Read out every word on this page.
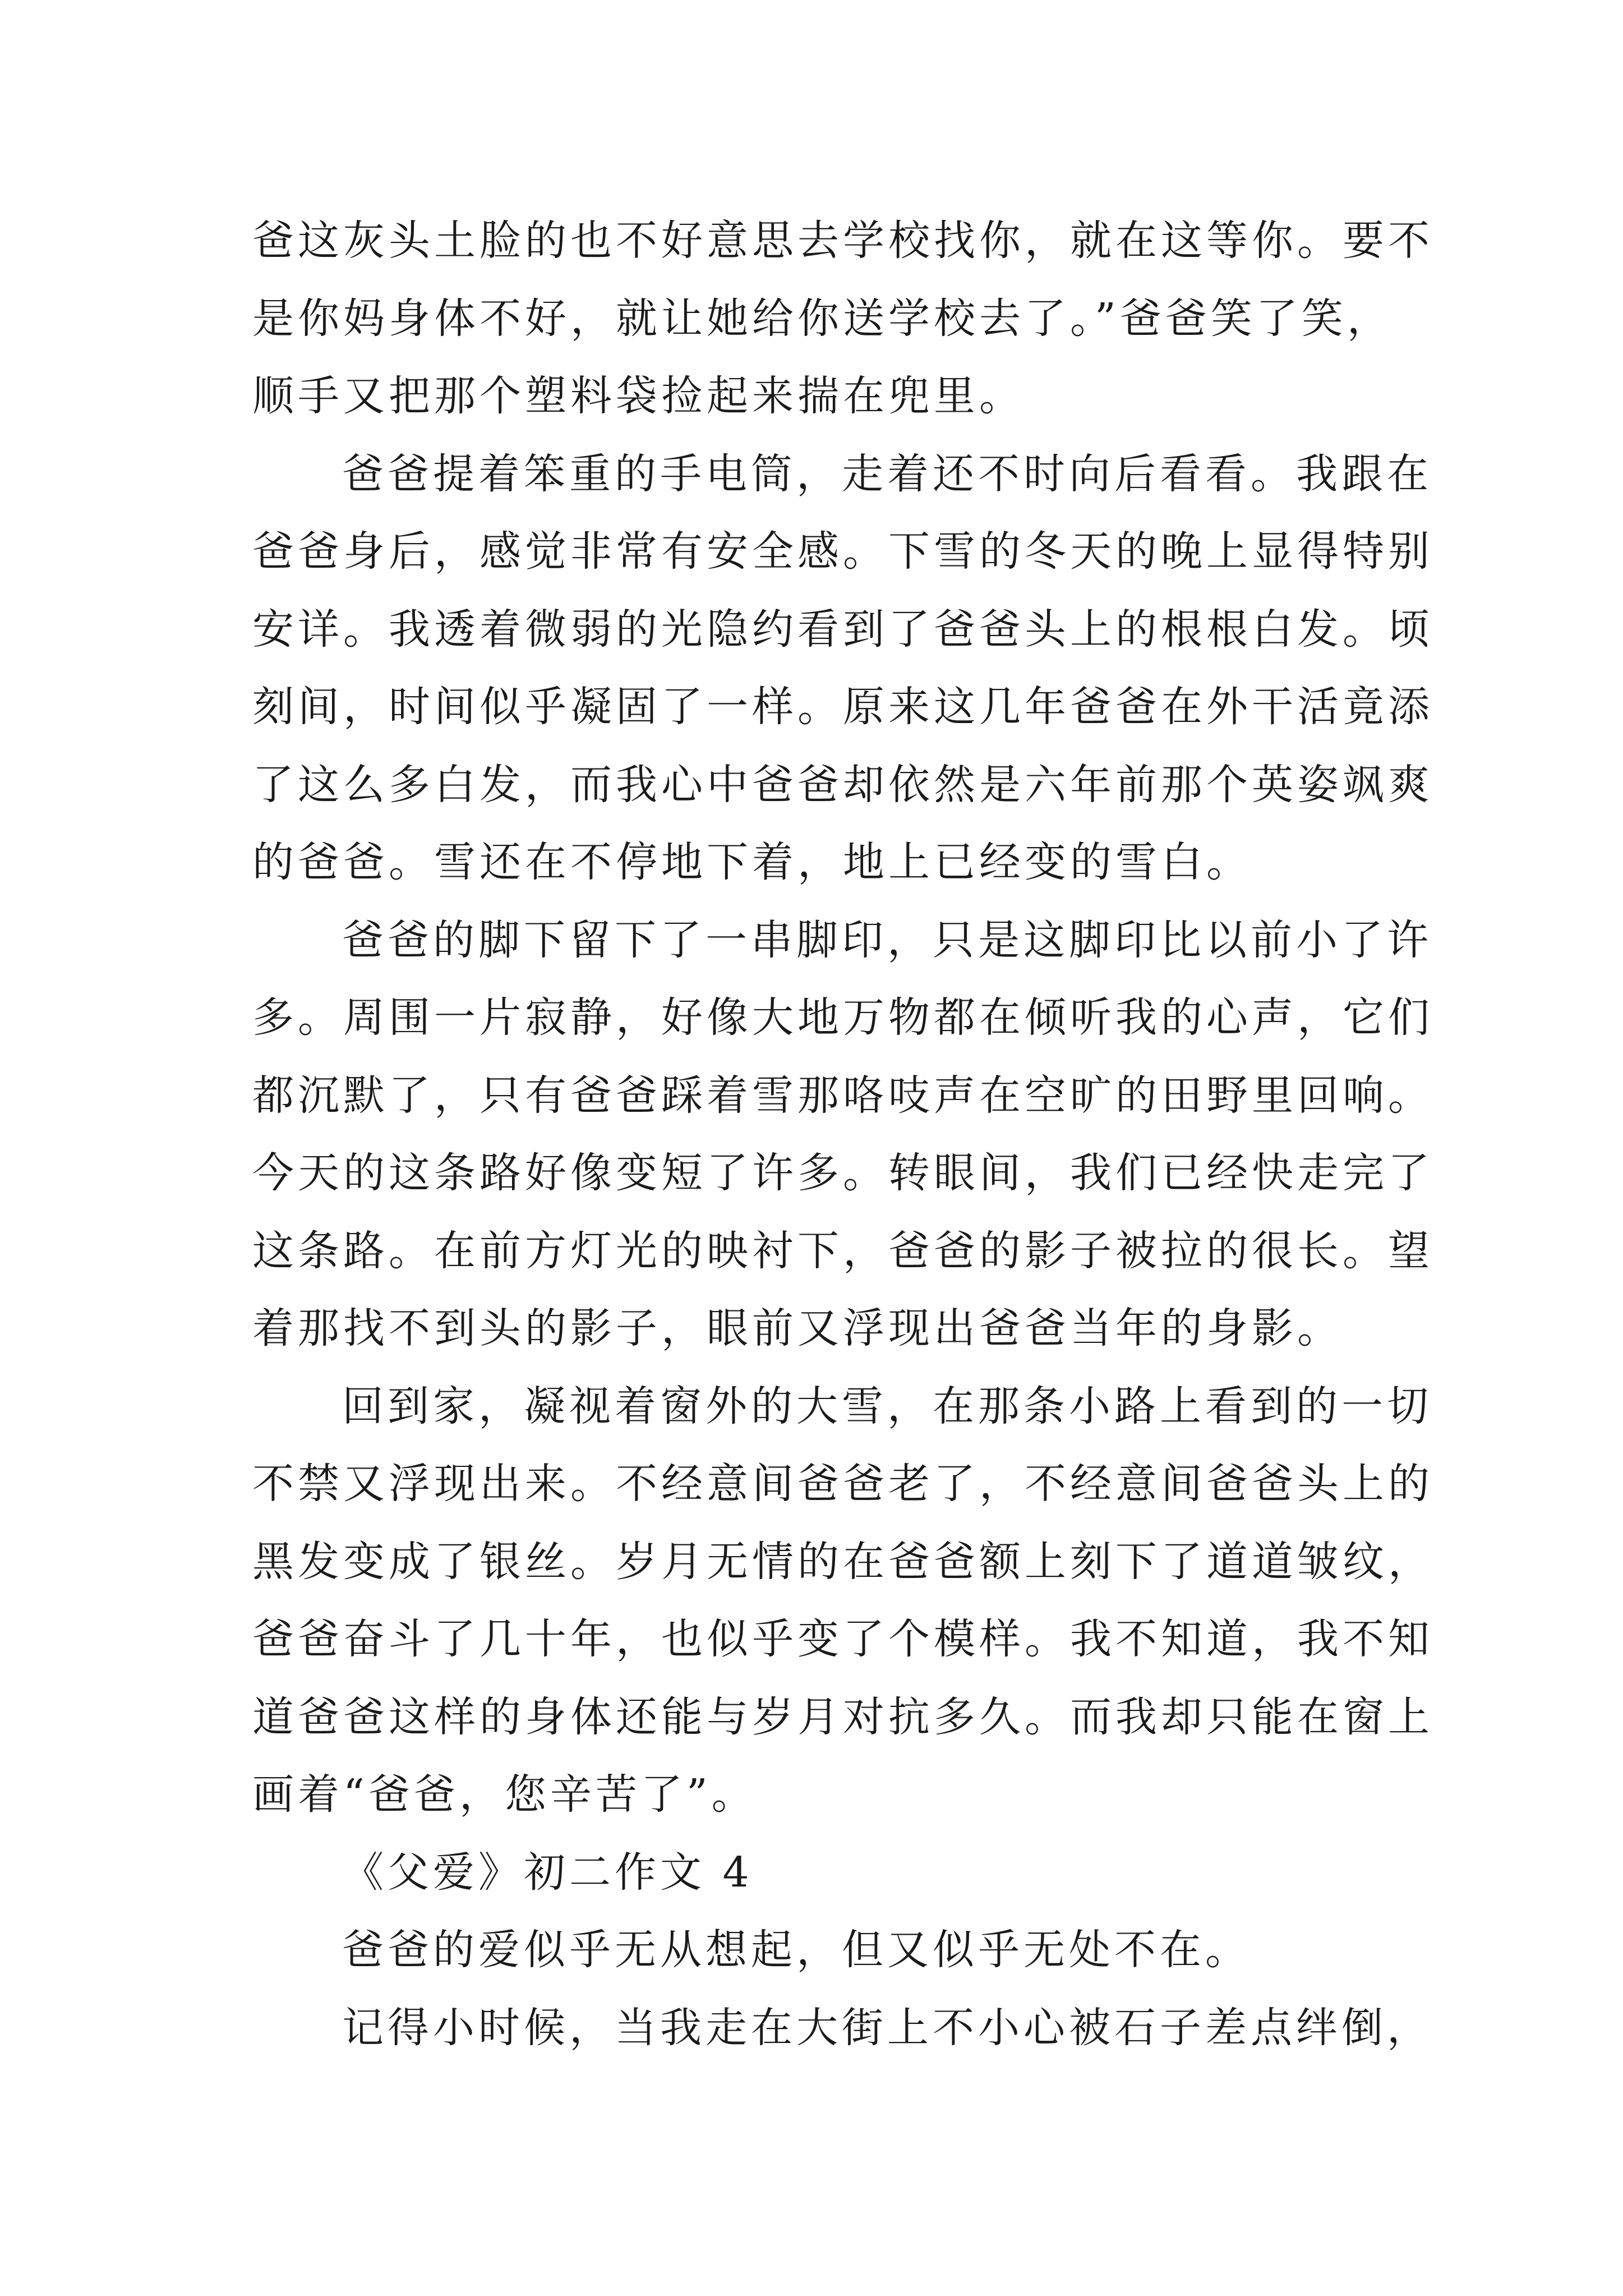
爸这灰头土脸的也不好意思去学校找你，就在这等你。要不
是你妈身体不好，就让她给你送学校去了。”爸爸笑了笑，
顺手又把那个塑料袋捡起来揣在兜里。
爸爸提着笨重的手电筒，走着还不时向后看看。我跟在
爸爸身后，感觉非常有安全感。下雪的冬天的晚上显得特别
安详。我透着微弱的光隐约看到了爸爸头上的根根白发。顷
刻间，时间似乎凝固了一样。原来这几年爸爸在外干活竟添
了这么多白发，而我心中爸爸却依然是六年前那个英姿飒爽
的爸爸。雪还在不停地下着，地上已经变的雪白。
爸爸的脚下留下了一串脚印，只是这脚印比以前小了许
多。周围一片寂静，好像大地万物都在倾听我的心声，它们
都沉默了，只有爸爸踩着雪那咯吱声在空旷的田野里回响。
今天的这条路好像变短了许多。转眼间，我们已经快走完了
这条路。在前方灯光的映衬下，爸爸的影子被拉的很长。望
着那找不到头的影子，眼前又浮现出爸爸当年的身影。
回到家，凝视着窗外的大雪，在那条小路上看到的一切
不禁又浮现出来。不经意间爸爸老了，不经意间爸爸头上的
黑发变成了银丝。岁月无情的在爸爸额上刻下了道道皱纹，
爸爸奋斗了几十年，也似乎变了个模样。我不知道，我不知
道爸爸这样的身体还能与岁月对抗多久。而我却只能在窗上
画着“爸爸，您辛苦了”。
《父爱》初二作文 4
爸爸的爱似乎无从想起，但又似乎无处不在。
记得小时候，当我走在大街上不小心被石子差点绊倒，
